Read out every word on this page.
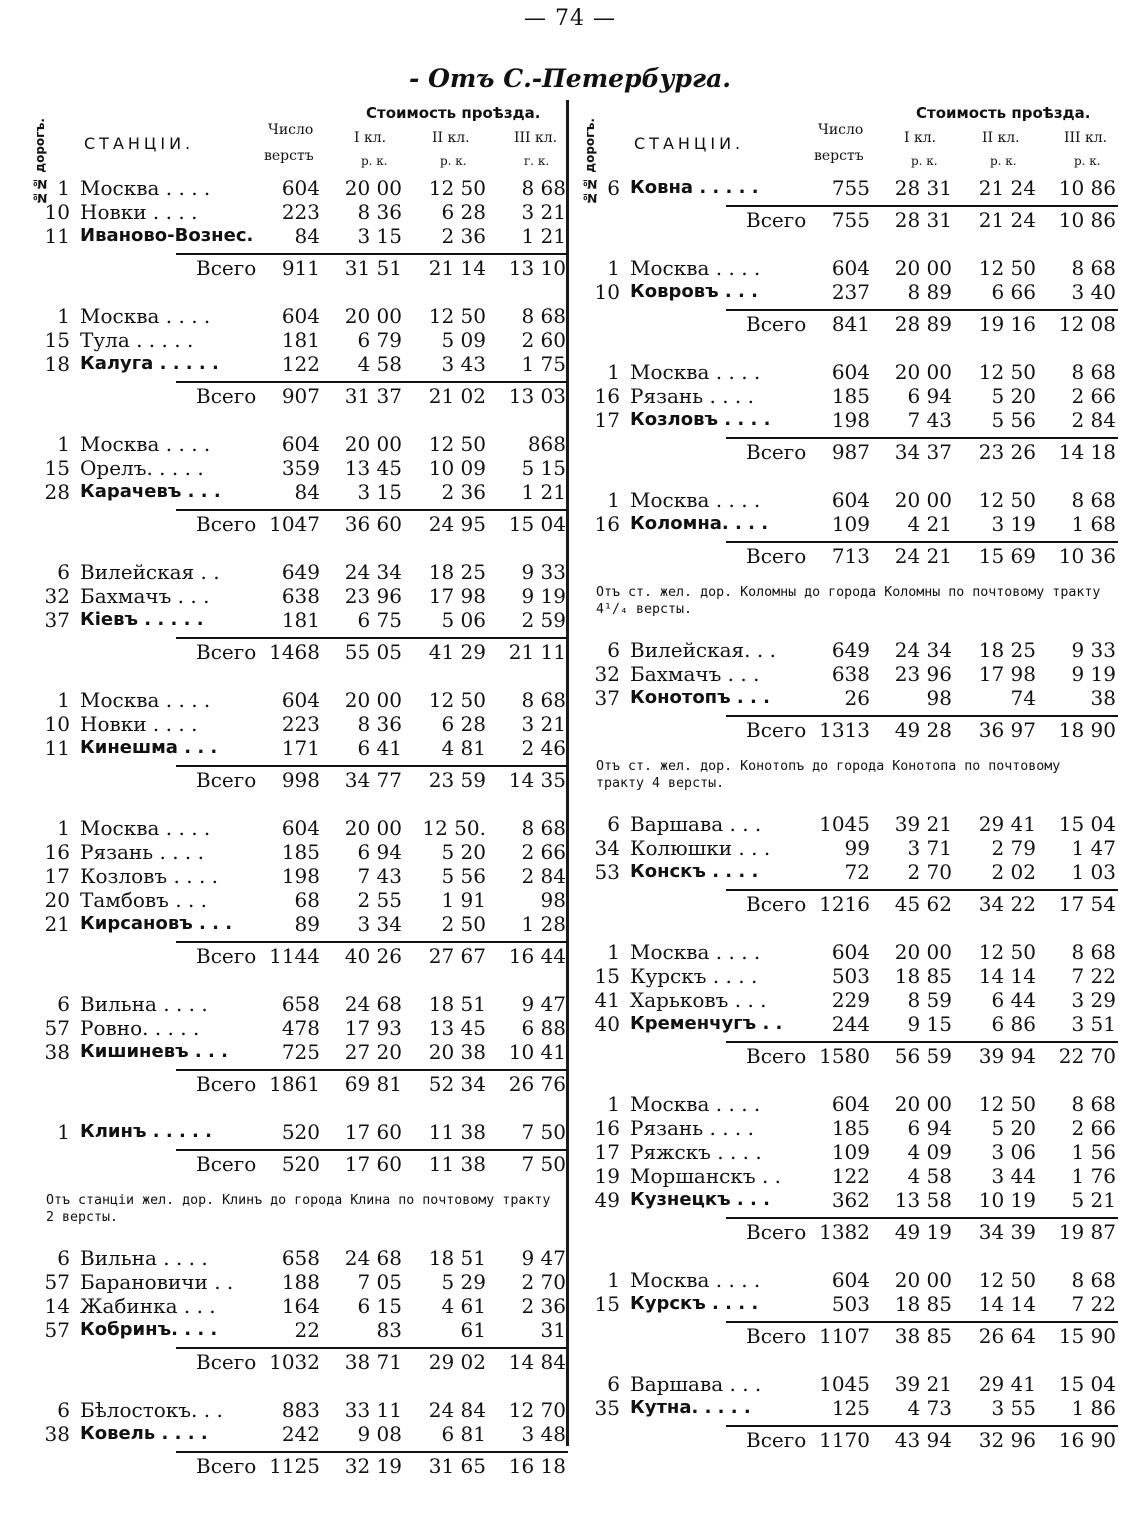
— 74 —
- Отъ С.-Петербурга.
№№ дорогъ.	СТАНЦІИ.
Число
верстъ
Стоимость проѣзда.
I кл.	II кл.	III кл.
р. к.	р. к.	г. к.
1 Москва . . . .	604	20 00	12 50	8 68
10 Новки . . . .	223	8 36	6 28	3 21
11 Иваново-Вознес.	84	3 15	2 36	1 21
Всего	911	31 51	21 14	13 10
1 Москва . . . .	604	20 00	12 50	8 68
15 Тула . . . . .	181	6 79	5 09	2 60
18 Калуга . . . . .	122	4 58	3 43	1 75
Всего	907	31 37	21 02	13 03
1 Москва . . . .	604	20 00	12 50	868
15 Орелъ. . . . .	359	13 45	10 09	5 15
28 Карачевъ . . .	84	3 15	2 36	1 21
Всего 1047	36 60	24 95	15 04
6 Вилейская . .	649	24 34	18 25	9 33
32 Бахмачъ . . .	638	23 96	17 98	9 19
37 Кіевъ . . . . .	181	6 75	5 06	2 59
Всего 1468	55 05	41 29	21 11
1 Москва . . . .	604	20 00	12 50	8 68
10 Новки . . . .	223	8 36	6 28	3 21
11 Кинешма . . .	171	6 41	4 81	2 46
Всего	998	34 77	23 59	14 35
1 Москва . . . .	604	20 00	12 50.	8 68
16 Рязань . . . .	185	6 94	5 20	2 66
17 Козловъ . . . .	198	7 43	5 56	2 84
20 Тамбовъ . . .	68	2 55	1 91	98
21 Кирсановъ . . .	89	3 34	2 50	1 28
Всего 1144	40 26	27 67	16 44
6 Вильна . . . .	658	24 68	18 51	9 47
57 Ровно. . . . .	478	17 93	13 45	6 88
38 Кишиневъ . . .	725	27 20	20 38	10 41
Всего 1861	69 81	52 34	26 76
1 Клинъ . . . . .	520	17 60	11 38	7 50
Всего	520	17 60	11 38	7 50
Отъ станціи жел. дор. Клинъ до города Клина по почтовому тракту 2 версты.
6 Вильна . . . .	658	24 68	18 51	9 47
57 Барановичи . .	188	7 05	5 29	2 70
14 Жабинка . . .	164	6 15	4 61	2 36
57 Кобринъ. . . .	22	83	61	31
Всего 1032	38 71	29 02	14 84
6 Бѣлостокъ. . .	883	33 11	24 84	12 70
38 Ковель . . . .	242	9 08	6 81	3 48
Всего 1125	32 19	31 65	16 18
№№ дорогъ.	СТАНЦІИ.
Число
верстъ
Стоимость проѣзда.
I кл.	II кл.	III кл.
р. к.	р. к.	р. к.
6 Ковна . . . . .	755	28 31	21 24	10 86
Всего	755	28 31	21 24	10 86
1 Москва . . . .	604	20 00	12 50	8 68
10 Ковровъ . . .	237	8 89	6 66	3 40
Всего	841	28 89	19 16	12 08
1 Москва . . . .	604	20 00	12 50	8 68
16 Рязань . . . .	185	6 94	5 20	2 66
17 Козловъ . . . .	198	7 43	5 56	2 84
Всего	987	34 37	23 26	14 18
1 Москва . . . .	604	20 00	12 50	8 68
16 Коломна. . . .	109	4 21	3 19	1 68
Всего	713	24 21	15 69	10 36
Отъ ст. жел. дор. Коломны до города Коломны по почтовому тракту 4¹/₄ версты.
6 Вилейская. . .	649	24 34	18 25	9 33
32 Бахмачъ . . .	638	23 96	17 98	9 19
37 Конотопъ . . .	26	98	74	38
Всего 1313	49 28	36 97	18 90
Отъ ст. жел. дор. Конотопъ до города Конотопа по почтовому тракту 4 версты.
6 Варшава . . .	1045	39 21	29 41	15 04
34 Колюшки . . .	99	3 71	2 79	1 47
53 Конскъ . . . .	72	2 70	2 02	1 03
Всего 1216	45 62	34 22	17 54
1 Москва . . . .	604	20 00	12 50	8 68
15 Курскъ . . . .	503	18 85	14 14	7 22
41 Харьковъ . . .	229	8 59	6 44	3 29
40 Кременчугъ . .	244	9 15	6 86	3 51
Всего 1580	56 59	39 94	22 70
1 Москва . . . .	604	20 00	12 50	8 68
16 Рязань . . . .	185	6 94	5 20	2 66
17 Ряжскъ . . . .	109	4 09	3 06	1 56
19 Моршанскъ . .	122	4 58	3 44	1 76
49 Кузнецкъ . . .	362	13 58	10 19	5 21
Всего 1382	49 19	34 39	19 87
1 Москва . . . .	604	20 00	12 50	8 68
15 Курскъ . . . .	503	18 85	14 14	7 22
Всего 1107	38 85	26 64	15 90
6 Варшава . . .	1045	39 21	29 41	15 04
35 Кутна. . . . .	125	4 73	3 55	1 86
Всего 1170	43 94	32 96	16 90
